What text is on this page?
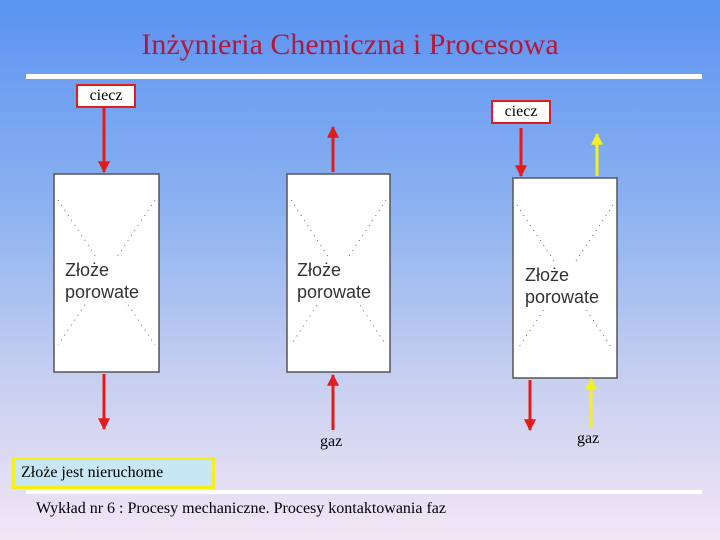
Inżynieria Chemiczna i Procesowa
ciecz
ciecz
gaz	gaz
Złoże
porowate
Złoże
porowate
Złoże
porowate
Złoże jest nieruchome
Wykład nr 6 : Procesy mechaniczne. Procesy kontaktowania faz
